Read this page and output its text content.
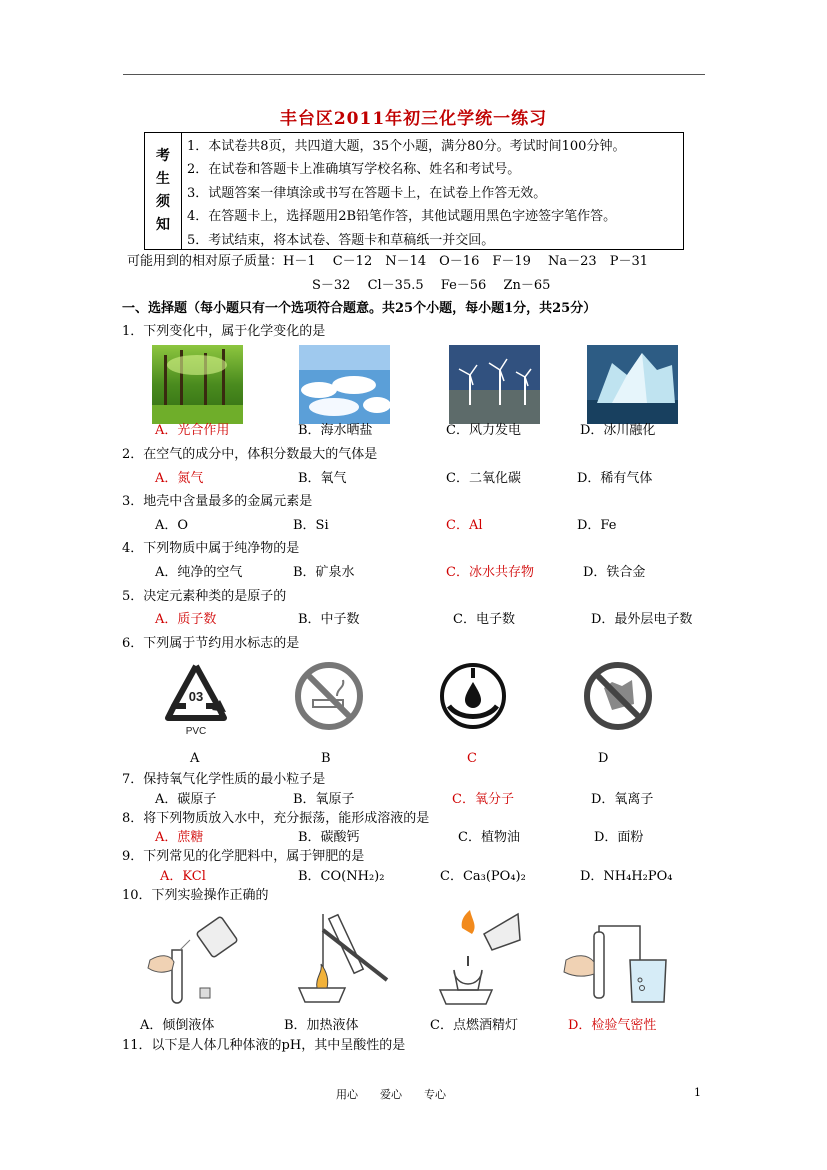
丰台区2011年初三化学统一练习
考
生
须
知
1．本试卷共8页，共四道大题，35个小题，满分80分。考试时间100分钟。
2．在试卷和答题卡上准确填写学校名称、姓名和考试号。
3．试题答案一律填涂或书写在答题卡上，在试卷上作答无效。
4．在答题卡上，选择题用2B铅笔作答，其他试题用黑色字迹签字笔作答。
5．考试结束，将本试卷、答题卡和草稿纸一并交回。
可能用到的相对原子质量：H－1　 C－12　N－14　O－16　F－19　 Na－23　P－31
S－32　 Cl－35.5　 Fe－56　 Zn－65
一、选择题（每小题只有一个选项符合题意。共25个小题，每小题1分，共25分）
1．下列变化中，属于化学变化的是
A．光合作用	B．海水晒盐	C．风力发电	D．冰川融化
2．在空气的成分中，体积分数最大的气体是
A．氮气	B．氧气	C．二氧化碳	D．稀有气体
3．地壳中含量最多的金属元素是
A．O	B．Si	C．Al	D．Fe
4．下列物质中属于纯净物的是
A．纯净的空气	B．矿泉水	C．冰水共存物	D．铁合金
5．决定元素种类的是原子的
A．质子数	B．中子数	C．电子数	D．最外层电子数
6．下列属于节约用水标志的是
03
PVC
A	B	C	D
7．保持氧气化学性质的最小粒子是
A．碳原子	B．氧原子	C．氧分子	D．氧离子
8．将下列物质放入水中，充分振荡，能形成溶液的是
A．蔗糖	B．碳酸钙	C．植物油	D．面粉
9．下列常见的化学肥料中，属于钾肥的是
A．KCl	B．CO(NH₂)₂	C．Ca₃(PO₄)₂	D．NH₄H₂PO₄
10．下列实验操作正确的
A．倾倒液体	B．加热液体	C．点燃酒精灯	D．检验气密性
11．以下是人体几种体液的pH，其中呈酸性的是
用心　　爱心　　专心	1
